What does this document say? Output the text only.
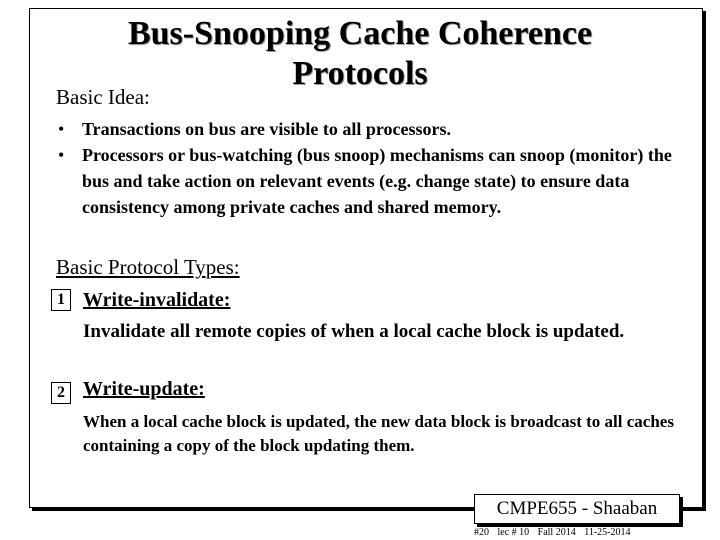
Bus-Snooping Cache Coherence Protocols
Basic Idea:
• Transactions on bus are visible to all processors.
• Processors or bus-watching (bus snoop) mechanisms can snoop (monitor) the bus and take action on relevant events (e.g. change state) to ensure data consistency among private caches and shared memory.
Basic Protocol Types:
1 Write-invalidate:
Invalidate all remote copies of when a local cache block is updated.
2 Write-update:
When a local cache block is updated, the new data block is broadcast to all caches containing a copy of the block updating them.
CMPE655 - Shaaban
#20 lec # 10 Fall 2014 11-25-2014
